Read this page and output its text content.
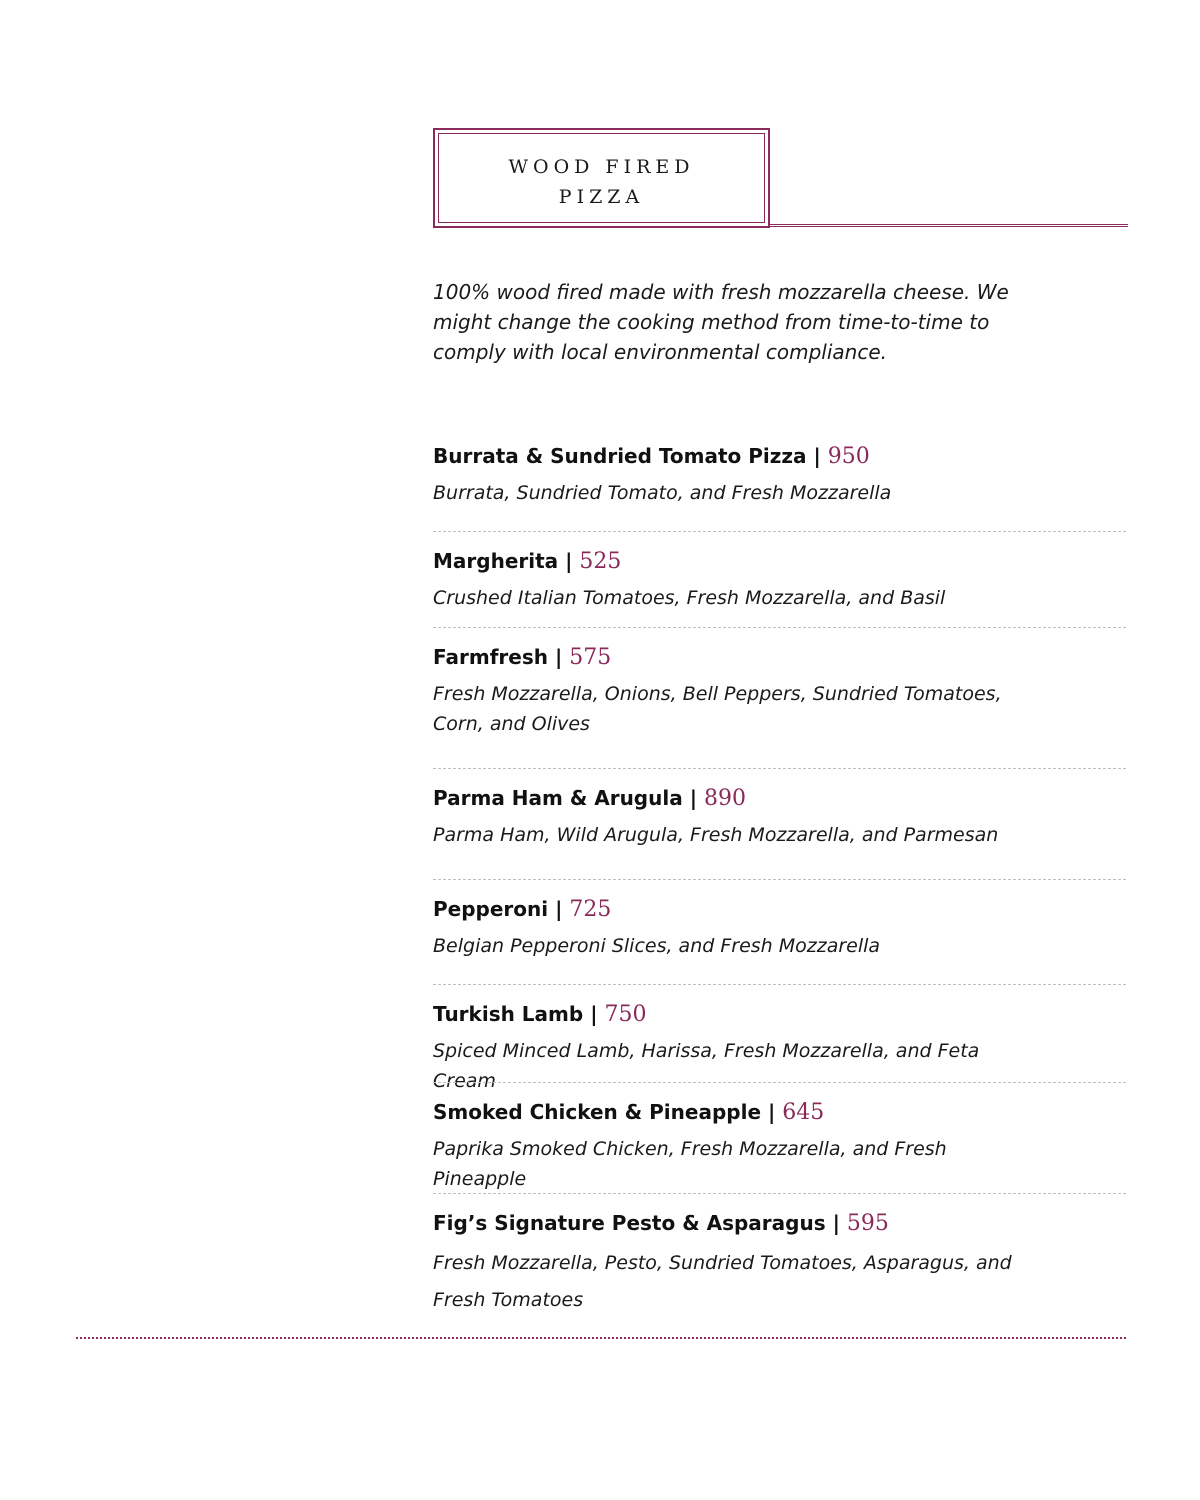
WOOD FIRED
PIZZA
100% wood fired made with fresh mozzarella cheese. We might change the cooking method from time-to-time to comply with local environmental compliance.
Burrata & Sundried Tomato Pizza | 950
Burrata, Sundried Tomato, and Fresh Mozzarella
Margherita | 525
Crushed Italian Tomatoes, Fresh Mozzarella, and Basil
Farmfresh | 575
Fresh Mozzarella, Onions, Bell Peppers, Sundried Tomatoes, Corn, and Olives
Parma Ham & Arugula | 890
Parma Ham, Wild Arugula, Fresh Mozzarella, and Parmesan
Pepperoni | 725
Belgian Pepperoni Slices, and Fresh Mozzarella
Turkish Lamb | 750
Spiced Minced Lamb, Harissa, Fresh Mozzarella, and Feta Cream
Smoked Chicken & Pineapple | 645
Paprika Smoked Chicken, Fresh Mozzarella, and Fresh Pineapple
Fig’s Signature Pesto & Asparagus | 595
Fresh Mozzarella, Pesto, Sundried Tomatoes, Asparagus, and Fresh Tomatoes
